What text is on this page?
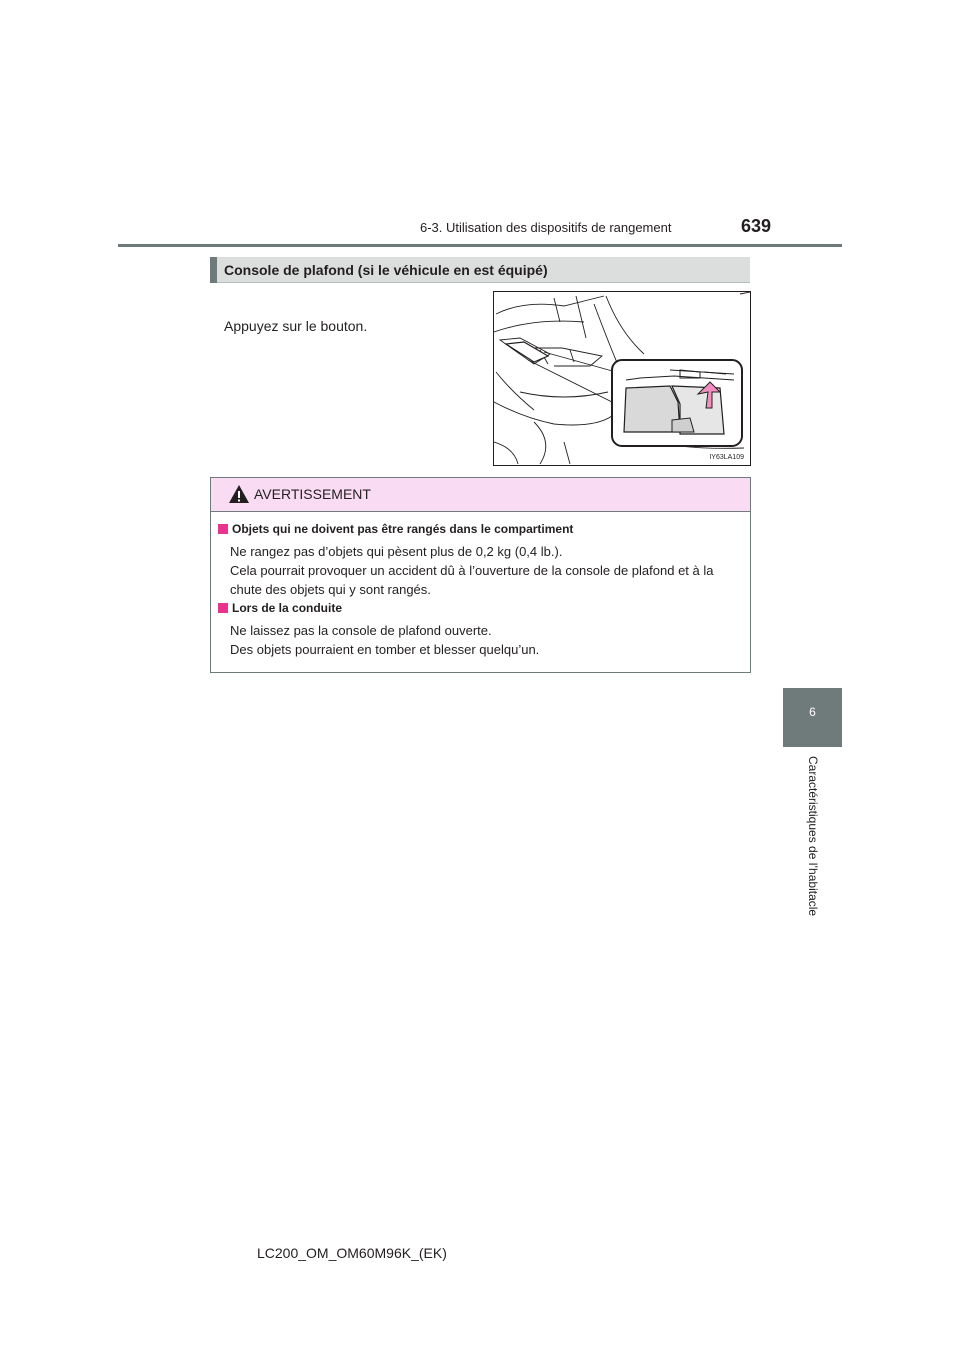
6-3. Utilisation des dispositifs de rangement	639
6
Caractéristiques de l’habitacle
Console de plafond (si le véhicule en est équipé)
Appuyez sur le bouton.
IY63LA109
AVERTISSEMENT
Objets qui ne doivent pas être rangés dans le compartiment
Ne rangez pas d’objets qui pèsent plus de 0,2 kg (0,4 lb.).
Cela pourrait provoquer un accident dû à l’ouverture de la console de plafond et à la
chute des objets qui y sont rangés.
Lors de la conduite
Ne laissez pas la console de plafond ouverte.
Des objets pourraient en tomber et blesser quelqu’un.
LC200_OM_OM60M96K_(EK)
